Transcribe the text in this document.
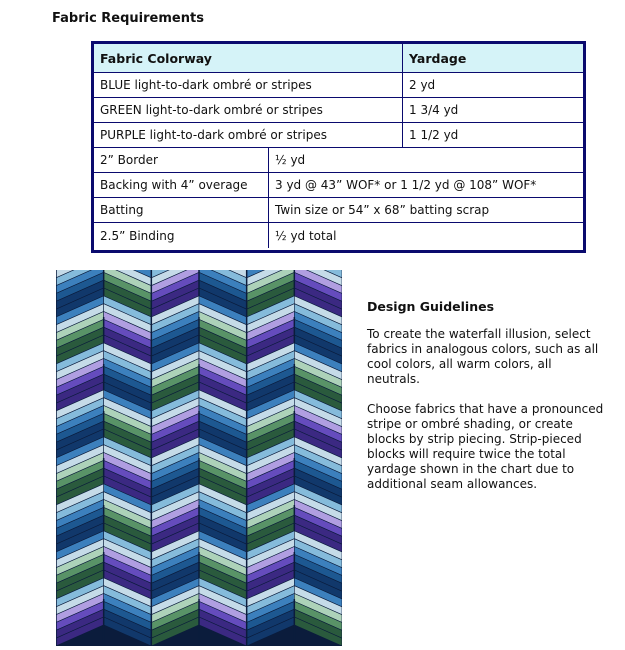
Fabric Requirements
Fabric Colorway	Yardage
BLUE light-to-dark ombré or stripes	2 yd
GREEN light-to-dark ombré or stripes	1 3/4 yd
PURPLE light-to-dark ombré or stripes	1 1/2 yd
2” Border	½ yd
Backing with 4” overage	3 yd @ 43” WOF* or 1 1/2 yd @ 108” WOF*
Batting	Twin size or 54” x 68” batting scrap
2.5” Binding	½ yd total
Design Guidelines

To create the waterfall illusion, select fabrics in analogous colors, such as all cool colors, all warm colors, all neutrals.

Choose fabrics that have a pronounced stripe or ombré shading, or create blocks by strip piecing. Strip-pieced blocks will require twice the total yardage shown in the chart due to additional seam allowances.
